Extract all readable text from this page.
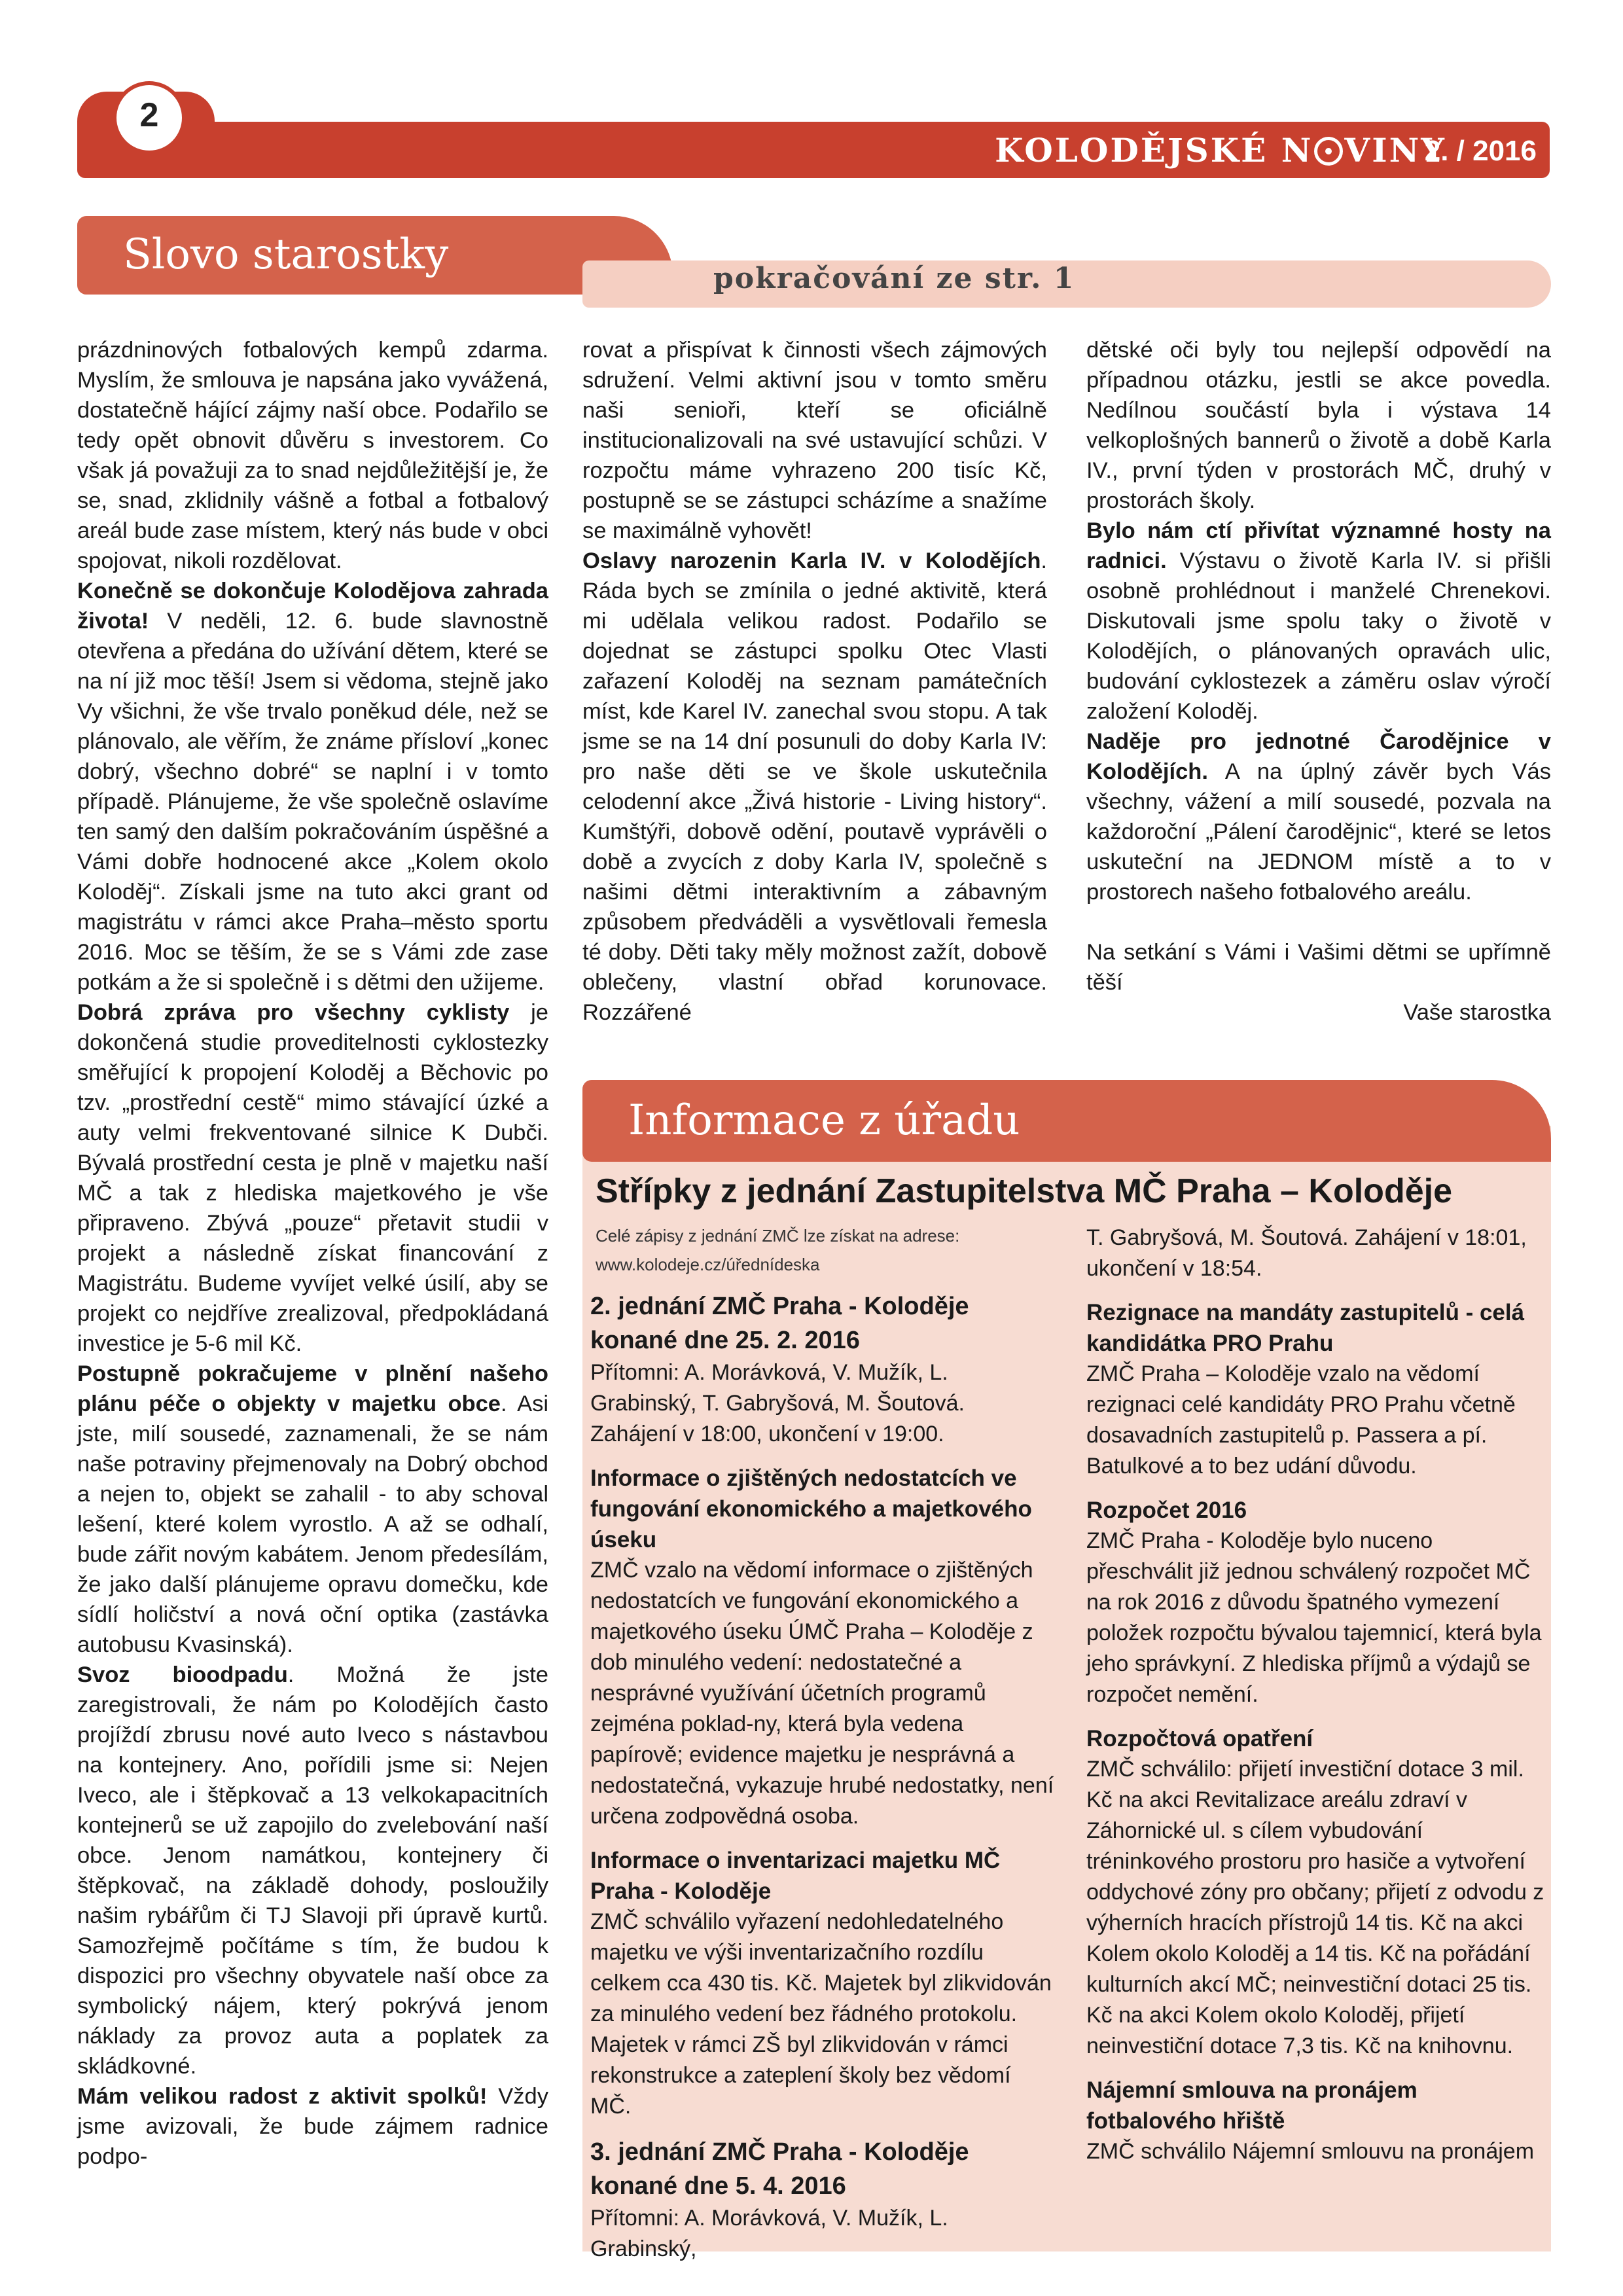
2
KOLODĚJSKÉ N VINY
2. / 2016
Slovo starostky	pokračování ze str. 1

prázdninových fotbalových kempů zdarma. Myslím, že smlouva je napsána jako vyvážená, dostatečně hájící zájmy naší obce. Podařilo se tedy opět obnovit důvěru s investorem. Co však já považuji za to snad nejdůležitější je, že se, snad, zklidnily vášně a fotbal a fotbalový areál bude zase místem, který nás bude v obci spojovat, nikoli rozdělovat.

Konečně se dokončuje Kolodějova zahrada života! V neděli, 12. 6. bude slavnostně otevřena a předána do užívání dětem, které se na ní již moc těší! Jsem si vědoma, stejně jako Vy všichni, že vše trvalo poněkud déle, než se plánovalo, ale věřím, že známe přísloví „konec dobrý, všechno dobré“ se naplní i v tomto případě. Plánujeme, že vše společně oslavíme ten samý den dalším pokračováním úspěšné a Vámi dobře hodnocené akce „Kolem okolo Koloděj“. Získali jsme na tuto akci grant od magistrátu v rámci akce Praha–město sportu 2016. Moc se těším, že se s Vámi zde zase potkám a že si společně i s dětmi den užijeme.

Dobrá zpráva pro všechny cyklisty je dokončená studie proveditelnosti cyklostezky směřující k propojení Koloděj a Běchovic po tzv. „prostřední cestě“ mimo stávající úzké a auty velmi frekventované silnice K Dubči. Bývalá prostřední cesta je plně v majetku naší MČ a tak z hlediska majetkového je vše připraveno. Zbývá „pouze“ přetavit studii v projekt a následně získat financování z Magistrátu. Budeme vyvíjet velké úsilí, aby se projekt co nejdříve zrealizoval, předpokládaná investice je 5-6 mil Kč.

Postupně pokračujeme v plnění našeho plánu péče o objekty v majetku obce. Asi jste, milí sousedé, zaznamenali, že se nám naše potraviny přejmenovaly na Dobrý obchod a nejen to, objekt se zahalil - to aby schoval lešení, které kolem vyrostlo. A až se odhalí, bude zářit novým kabátem. Jenom předesílám, že jako další plánujeme opravu domečku, kde sídlí holičství a nová oční optika (zastávka autobusu Kvasinská).

Svoz bioodpadu. Možná že jste zaregistrovali, že nám po Kolodějích často projíždí zbrusu nové auto Iveco s nástavbou na kontejnery. Ano, pořídili jsme si: Nejen Iveco, ale i štěpkovač a 13 velkokapacitních kontejnerů se už zapojilo do zvelebování naší obce. Jenom namátkou, kontejnery či štěpkovač, na základě dohody, posloužily našim rybářům či TJ Slavoji při úpravě kurtů. Samozřejmě počítáme s tím, že budou k dispozici pro všechny obyvatele naší obce za symbolický nájem, který pokrývá jenom náklady za provoz auta a poplatek za skládkovné.

Mám velikou radost z aktivit spolků! Vždy jsme avizovali, že bude zájmem radnice podpo-

rovat a přispívat k činnosti všech zájmových sdružení. Velmi aktivní jsou v tomto směru naši senioři, kteří se oficiálně institucionalizovali na své ustavující schůzi. V rozpočtu máme vyhrazeno 200 tisíc Kč, postupně se se zástupci scházíme a snažíme se maximálně vyhovět!

Oslavy narozenin Karla IV. v Kolodějích. Ráda bych se zmínila o jedné aktivitě, která mi udělala velikou radost. Podařilo se dojednat se zástupci spolku Otec Vlasti zařazení Koloděj na seznam památečních míst, kde Karel IV. zanechal svou stopu. A tak jsme se na 14 dní posunuli do doby Karla IV: pro naše děti se ve škole uskutečnila celodenní akce „Živá historie - Living history“. Kumštýři, dobově odění, poutavě vyprávěli o době a zvycích z doby Karla IV, společně s našimi dětmi interaktivním a zábavným způsobem předváděli a vysvětlovali řemesla té doby. Děti taky měly možnost zažít, dobově oblečeny, vlastní obřad korunovace. Rozzářené

dětské oči byly tou nejlepší odpovědí na případnou otázku, jestli se akce povedla. Nedílnou součástí byla i výstava 14 velkoplošných bannerů o životě a době Karla IV., první týden v prostorách MČ, druhý v prostorách školy.

Bylo nám ctí přivítat významné hosty na radnici. Výstavu o životě Karla IV. si přišli osobně prohlédnout i manželé Chrenekovi. Diskutovali jsme spolu taky o životě v Kolodějích, o plánovaných opravách ulic, budování cyklostezek a záměru oslav výročí založení Koloděj.

Naděje pro jednotné Čarodějnice v Kolodějích. A na úplný závěr bych Vás všechny, vážení a milí sousedé, pozvala na každoroční „Pálení čarodějnic“, které se letos uskuteční na JEDNOM místě a to v prostorech našeho fotbalového areálu.

Na setkání s Vámi i Vašimi dětmi se upřímně těší

Vaše starostka

Informace z úřadu
Střípky z jednání Zastupitelstva MČ Praha – Koloděje
Celé zápisy z jednání ZMČ lze získat na adrese:
www.kolodeje.cz/úřednídeska
2. jednání ZMČ Praha - Koloděje konané dne 25. 2. 2016

Přítomni: A. Morávková, V. Mužík, L. Grabinský, T. Gabryšová, M. Šoutová. Zahájení v 18:00, ukončení v 19:00.

Informace o zjištěných nedostatcích ve fungování ekonomického a majetkového úseku

ZMČ vzalo na vědomí informace o zjištěných nedostatcích ve fungování ekonomického a majetkového úseku ÚMČ Praha – Koloděje z dob minulého vedení: nedostatečné a nesprávné využívání účetních programů zejména poklad-ny, která byla vedena papírově; evidence majetku je nesprávná a nedostatečná, vykazuje hrubé nedostatky, není určena zodpovědná osoba.

Informace o inventarizaci majetku MČ Praha - Koloděje

ZMČ schválilo vyřazení nedohledatelného majetku ve výši inventarizačního rozdílu celkem cca 430 tis. Kč. Majetek byl zlikvidován za minulého vedení bez řádného protokolu. Majetek v rámci ZŠ byl zlikvidován v rámci rekonstrukce a zateplení školy bez vědomí MČ.

3. jednání ZMČ Praha - Koloděje konané dne 5. 4. 2016

Přítomni: A. Morávková, V. Mužík, L. Grabinský,

T. Gabryšová, M. Šoutová. Zahájení v 18:01, ukončení v 18:54.

Rezignace na mandáty zastupitelů - celá kandidátka PRO Prahu

ZMČ Praha – Koloděje vzalo na vědomí rezignaci celé kandidáty PRO Prahu včetně dosavadních zastupitelů p. Passera a pí. Batulkové a to bez udání důvodu.

Rozpočet 2016

ZMČ Praha - Koloděje bylo nuceno přeschválit již jednou schválený rozpočet MČ na rok 2016 z důvodu špatného vymezení položek rozpočtu bývalou tajemnicí, která byla jeho správkyní. Z hlediska příjmů a výdajů se rozpočet nemění.

Rozpočtová opatření

ZMČ schválilo: přijetí investiční dotace 3 mil. Kč na akci Revitalizace areálu zdraví v Záhornické ul. s cílem vybudování tréninkového prostoru pro hasiče a vytvoření oddychové zóny pro občany; přijetí z odvodu z výherních hracích přístrojů 14 tis. Kč na akci Kolem okolo Koloděj a 14 tis. Kč na pořádání kulturních akcí MČ; neinvestiční dotaci 25 tis. Kč na akci Kolem okolo Koloděj, přijetí neinvestiční dotace 7,3 tis. Kč na knihovnu.

Nájemní smlouva na pronájem fotbalového hřiště

ZMČ schválilo Nájemní smlouvu na pronájem
